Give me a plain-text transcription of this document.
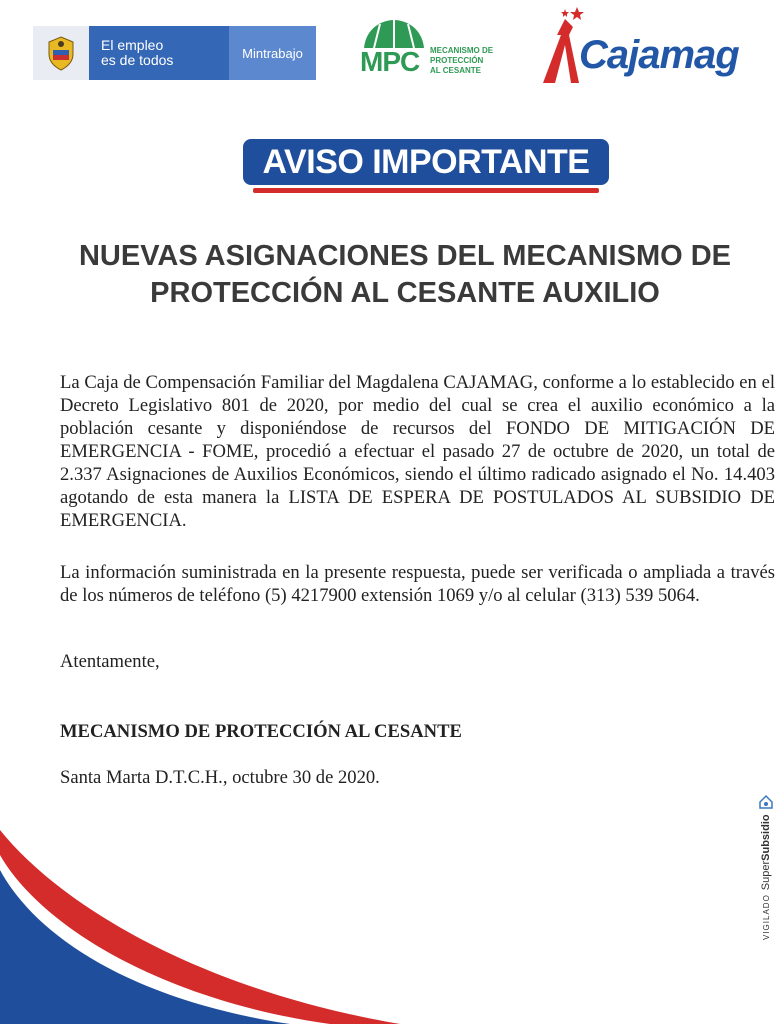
El empleo
es de todos	Mintrabajo	MPC MECANISMO DE
PROTECCIÓN
AL CESANTE	Cajamag
AVISO IMPORTANTE
NUEVAS ASIGNACIONES DEL MECANISMO DE
PROTECCIÓN AL CESANTE AUXILIO
La Caja de Compensación Familiar del Magdalena CAJAMAG, conforme a lo establecido en el Decreto Legislativo 801 de 2020, por medio del cual se crea el auxilio económico a la población cesante y disponiéndose de recursos del FONDO DE MITIGACIÓN DE EMERGENCIA - FOME, procedió a efectuar el pasado 27 de octubre de 2020, un total de 2.337 Asignaciones de Auxilios Económicos, siendo el último radicado asignado el No. 14.403 agotando de esta manera la LISTA DE ESPERA DE POSTULADOS AL SUBSIDIO DE EMERGENCIA.
La información suministrada en la presente respuesta, puede ser verificada o ampliada a través de los números de teléfono (5) 4217900 extensión 1069 y/o al celular (313) 539 5064.
Atentamente,
MECANISMO DE PROTECCIÓN AL CESANTE
Santa Marta D.T.C.H., octubre 30 de 2020.
VIGILADO
Super
Subsidio
